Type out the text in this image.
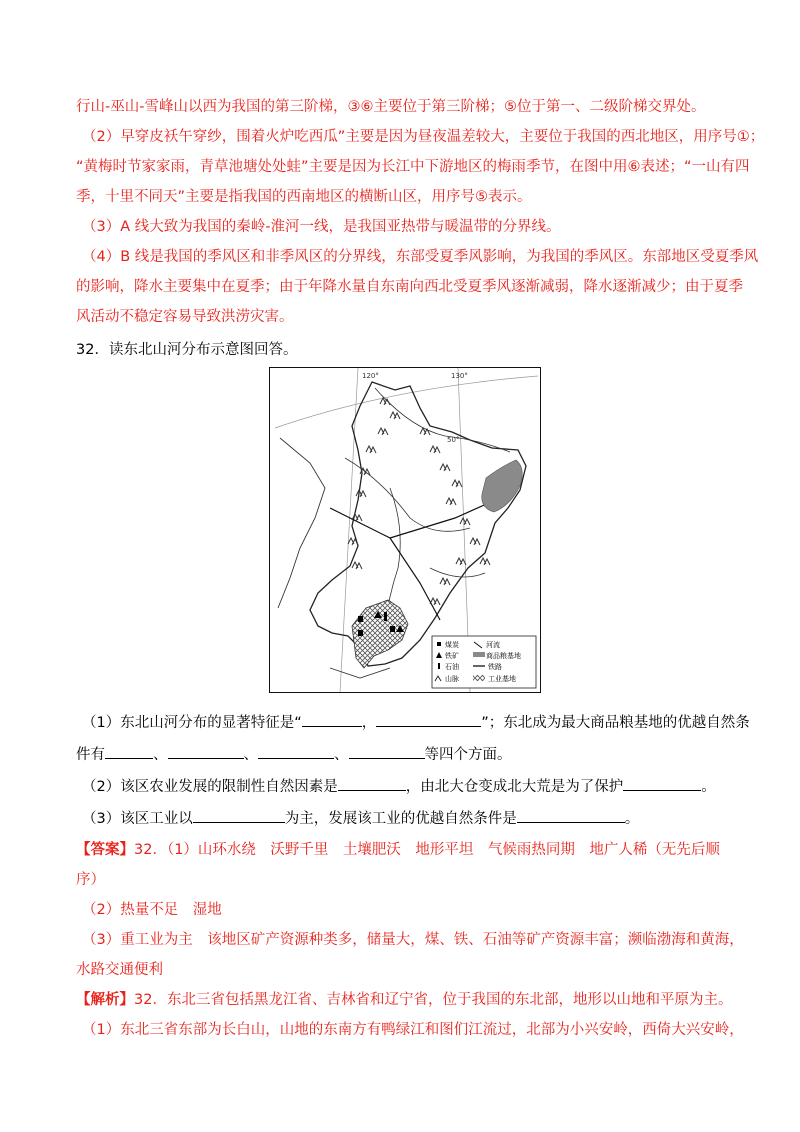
行山-巫山-雪峰山以西为我国的第三阶梯，③⑥主要位于第三阶梯；⑤位于第一、二级阶梯交界处。
（2）早穿皮袄午穿纱，围着火炉吃西瓜”主要是因为昼夜温差较大，主要位于我国的西北地区，用序号①；
“黄梅时节家家雨，青草池塘处处蛙”主要是因为长江中下游地区的梅雨季节，在图中用⑥表述；“一山有四
季，十里不同天”主要是指我国的西南地区的横断山区，用序号⑤表示。
（3）A 线大致为我国的秦岭-淮河一线，是我国亚热带与暖温带的分界线。
（4）B 线是我国的季风区和非季风区的分界线，东部受夏季风影响，为我国的季风区。东部地区受夏季风
的影响，降水主要集中在夏季；由于年降水量自东南向西北受夏季风逐渐减弱，降水逐渐减少；由于夏季
风活动不稳定容易导致洪涝灾害。
32．读东北山河分布示意图回答。
120°	130°
50°
煤炭
铁矿
石油
山脉
河流
商品粮基地
铁路
工业基地
（1）东北山河分布的显著特征是“	，	”；东北成为最大商品粮基地的优越自然条
件有	、	、	、	等四个方面。
（2）该区农业发展的限制性自然因素是	，由北大仓变成北大荒是为了保护	。
（3）该区工业以	为主，发展该工业的优越自然条件是	。
【答案】32．（1）山环水绕　沃野千里　土壤肥沃　地形平坦　气候雨热同期　地广人稀（无先后顺
序）
（2）热量不足　湿地
（3）重工业为主　该地区矿产资源种类多，储量大，煤、铁、石油等矿产资源丰富；濒临渤海和黄海，
水路交通便利
【解析】32．东北三省包括黑龙江省、吉林省和辽宁省，位于我国的东北部，地形以山地和平原为主。
（1）东北三省东部为长白山，山地的东南方有鸭绿江和图们江流过，北部为小兴安岭，西倚大兴安岭，
